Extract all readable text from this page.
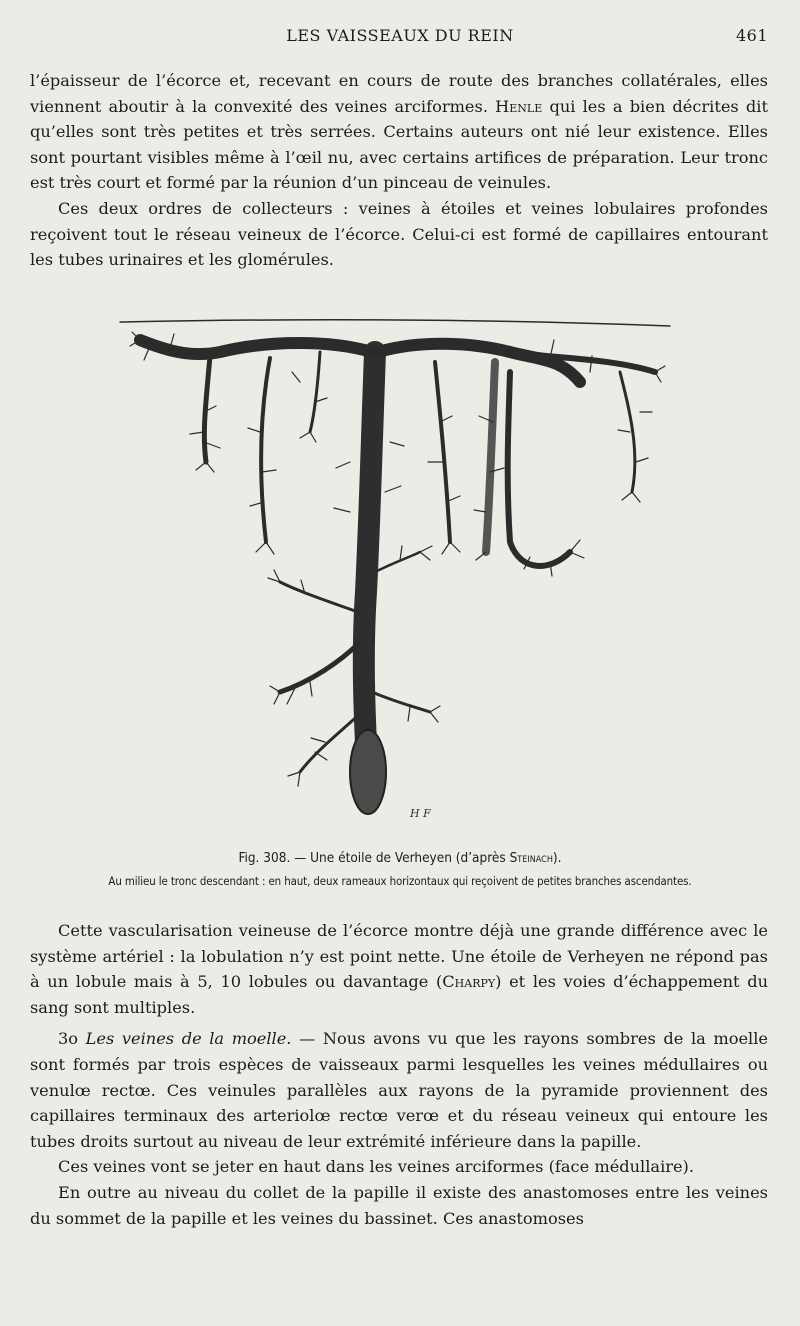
LES VAISSEAUX DU REIN	461

l’épaisseur de l’écorce et, recevant en cours de route des branches collatérales, elles viennent aboutir à la convexité des veines arciformes. Henle qui les a bien décrites dit qu’elles sont très petites et très serrées. Certains auteurs ont nié leur existence. Elles sont pourtant visibles même à l’œil nu, avec certains artifices de préparation. Leur tronc est très court et formé par la réunion d’un pinceau de veinules.

Ces deux ordres de collecteurs : veines à étoiles et veines lobulaires profondes reçoivent tout le réseau veineux de l’écorce. Celui-ci est formé de capillaires entourant les tubes urinaires et les glomérules.

H F
Fig. 308. — Une étoile de Verheyen (d’après Steinach).
Au milieu le tronc descendant : en haut, deux rameaux horizontaux qui reçoivent de petites branches ascendantes.

Cette vascularisation veineuse de l’écorce montre déjà une grande différence avec le système artériel : la lobulation n’y est point nette. Une étoile de Verheyen ne répond pas à un lobule mais à 5, 10 lobules ou davantage (Charpy) et les voies d’échappement du sang sont multiples.

3o Les veines de la moelle. — Nous avons vu que les rayons sombres de la moelle sont formés par trois espèces de vaisseaux parmi lesquelles les veines médullaires ou venulœ rectœ. Ces veinules parallèles aux rayons de la pyramide proviennent des capillaires terminaux des arteriolœ rectœ verœ et du réseau veineux qui entoure les tubes droits surtout au niveau de leur extrémité inférieure dans la papille.

Ces veines vont se jeter en haut dans les veines arciformes (face médullaire).

En outre au niveau du collet de la papille il existe des anastomoses entre les veines du sommet de la papille et les veines du bassinet. Ces anastomoses
